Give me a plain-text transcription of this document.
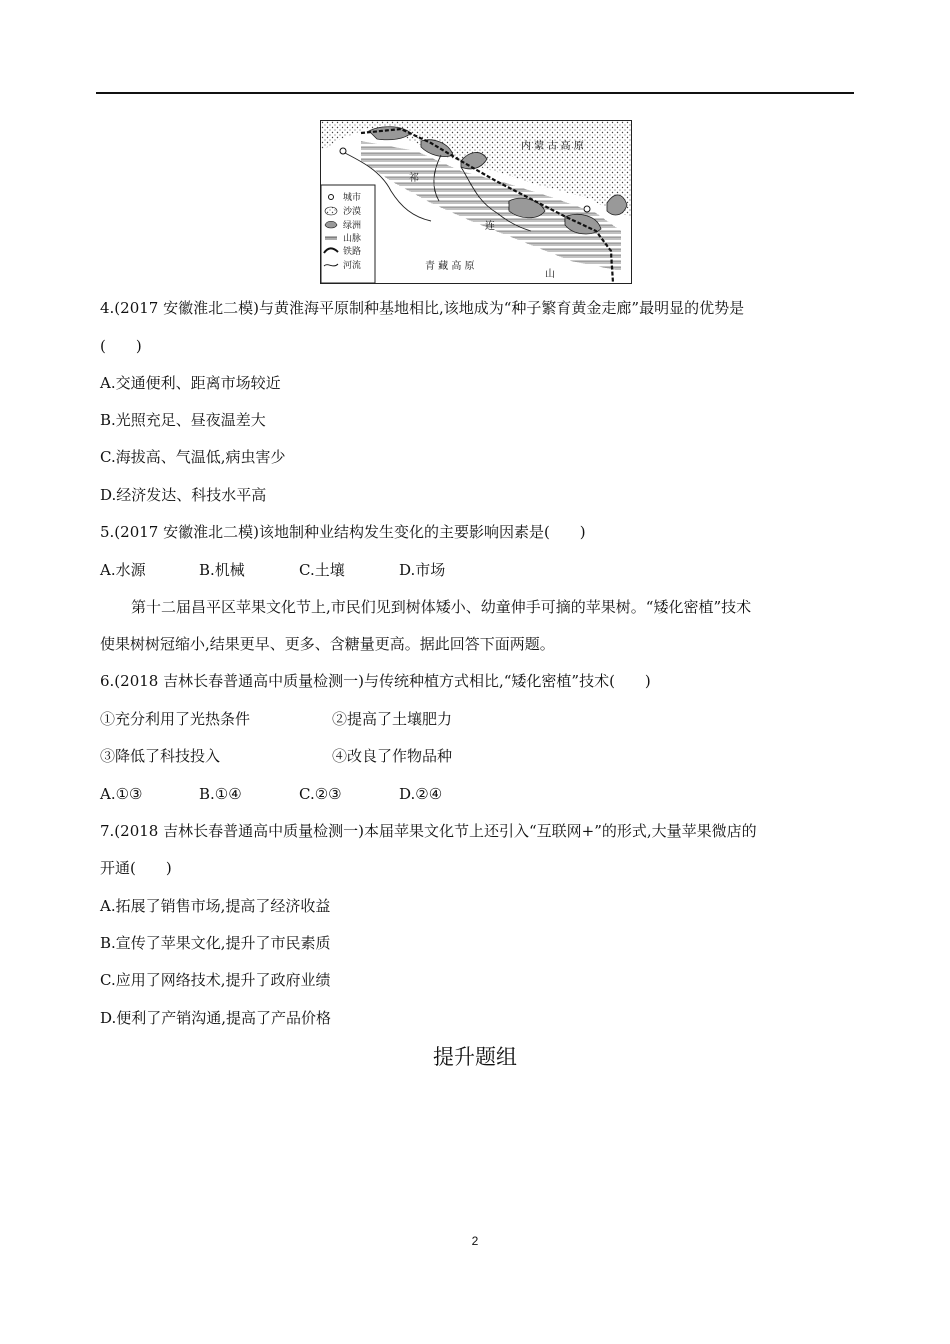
内 蒙 古 高 原
祁
连
山
青 藏 高 原
城市
沙漠
绿洲
山脉
铁路
河流
4.(2017 安徽淮北二模)与黄淮海平原制种基地相比,该地成为“种子繁育黄金走廊”最明显的优势是
(　　)
A.交通便利、距离市场较近
B.光照充足、昼夜温差大
C.海拔高、气温低,病虫害少
D.经济发达、科技水平高
5.(2017 安徽淮北二模)该地制种业结构发生变化的主要影响因素是(　　)
A.水源	B.机械	C.土壤	D.市场
第十二届昌平区苹果文化节上,市民们见到树体矮小、幼童伸手可摘的苹果树。“矮化密植”技术
使果树树冠缩小,结果更早、更多、含糖量更高。据此回答下面两题。
6.(2018 吉林长春普通高中质量检测一)与传统种植方式相比,“矮化密植”技术(　　)
①充分利用了光热条件	②提高了土壤肥力
③降低了科技投入	④改良了作物品种
A.①③	B.①④	C.②③	D.②④
7.(2018 吉林长春普通高中质量检测一)本届苹果文化节上还引入“互联网+”的形式,大量苹果微店的
开通(　　)
A.拓展了销售市场,提高了经济收益
B.宣传了苹果文化,提升了市民素质
C.应用了网络技术,提升了政府业绩
D.便利了产销沟通,提高了产品价格
提升题组
2
